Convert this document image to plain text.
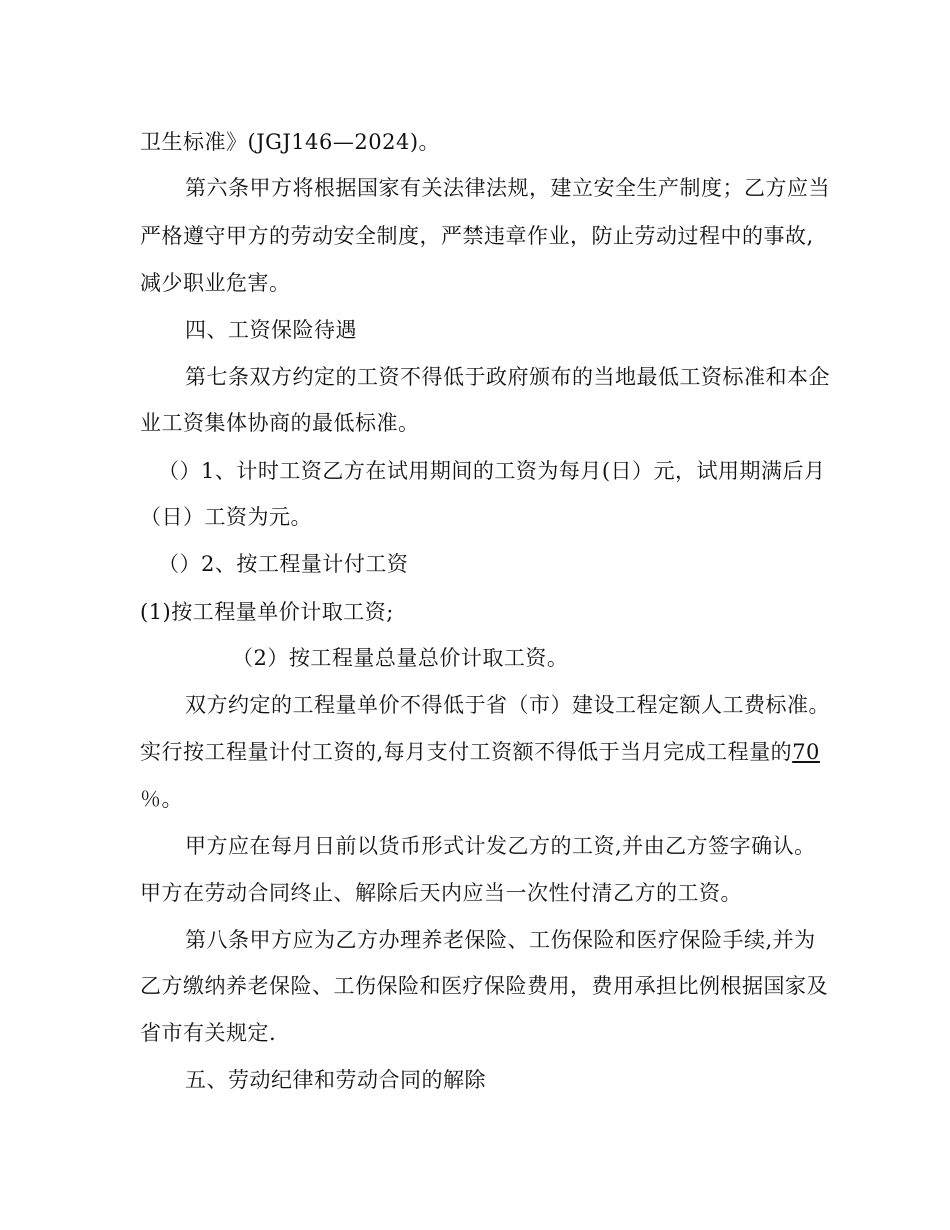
卫生标准》(JGJ146—2024)。
第六条甲方将根据国家有关法律法规，建立安全生产制度；乙方应当
严格遵守甲方的劳动安全制度，严禁违章作业，防止劳动过程中的事故,
减少职业危害。
四、工资保险待遇
第七条双方约定的工资不得低于政府颁布的当地最低工资标准和本企
业工资集体协商的最低标准。
（）1、计时工资乙方在试用期间的工资为每月(日）元，试用期满后月
（日）工资为元。
（）2、按工程量计付工资
(1)按工程量单价计取工资;
（2）按工程量总量总价计取工资。
双方约定的工程量单价不得低于省（市）建设工程定额人工费标准。
实行按工程量计付工资的,每月支付工资额不得低于当月完成工程量的70
％。
甲方应在每月日前以货币形式计发乙方的工资,并由乙方签字确认。
甲方在劳动合同终止、解除后天内应当一次性付清乙方的工资。
第八条甲方应为乙方办理养老保险、工伤保险和医疗保险手续,并为
乙方缴纳养老保险、工伤保险和医疗保险费用，费用承担比例根据国家及
省市有关规定.
五、劳动纪律和劳动合同的解除
